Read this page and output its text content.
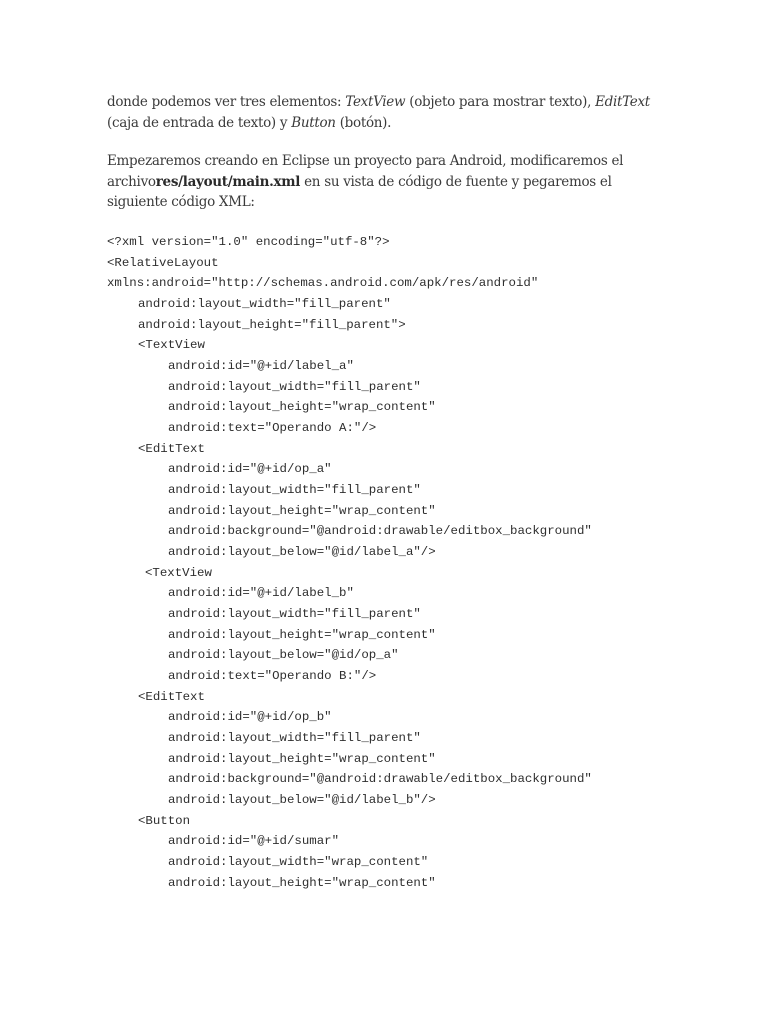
donde podemos ver tres elementos: TextView (objeto para mostrar texto), EditText (caja de entrada de texto) y Button (botón).

Empezaremos creando en Eclipse un proyecto para Android, modificaremos el archivores/layout/main.xml en su vista de código de fuente y pegaremos el siguiente código XML:

<?xml version="1.0" encoding="utf-8"?>
<RelativeLayout
xmlns:android="http://schemas.android.com/apk/res/android"
android:layout_width="fill_parent"
android:layout_height="fill_parent">
<TextView
android:id="@+id/label_a"
android:layout_width="fill_parent"
android:layout_height="wrap_content"
android:text="Operando A:"/>
<EditText
android:id="@+id/op_a"
android:layout_width="fill_parent"
android:layout_height="wrap_content"
android:background="@android:drawable/editbox_background"
android:layout_below="@id/label_a"/>
<TextView
android:id="@+id/label_b"
android:layout_width="fill_parent"
android:layout_height="wrap_content"
android:layout_below="@id/op_a"
android:text="Operando B:"/>
<EditText
android:id="@+id/op_b"
android:layout_width="fill_parent"
android:layout_height="wrap_content"
android:background="@android:drawable/editbox_background"
android:layout_below="@id/label_b"/>
<Button
android:id="@+id/sumar"
android:layout_width="wrap_content"
android:layout_height="wrap_content"
